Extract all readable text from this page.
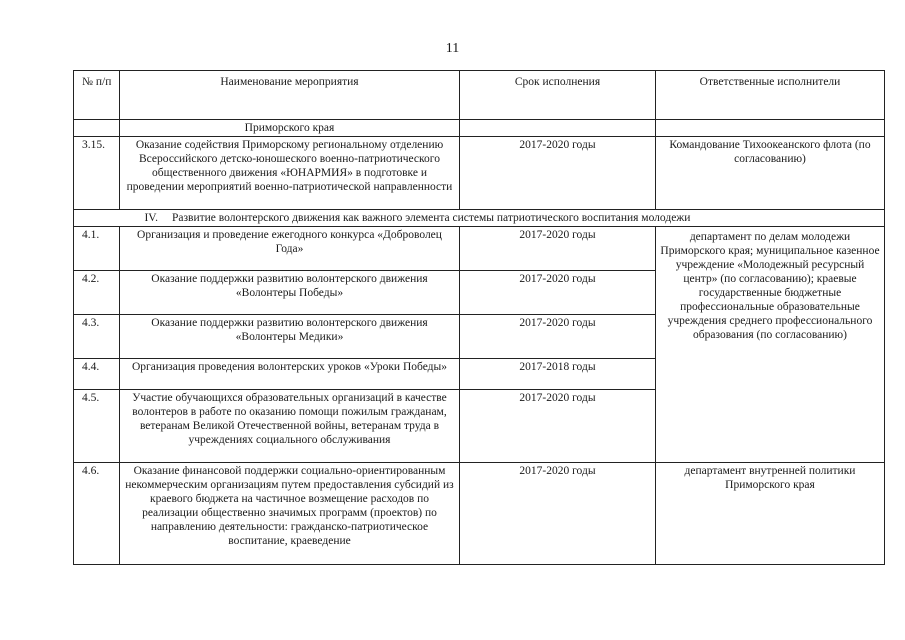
11
№ п/п	Наименование мероприятия	Срок исполнения	Ответственные исполнители
	Приморского края		
3.15.	Оказание содействия Приморскому региональному отделению Всероссийского детско-юношеского военно-патриотического общественного движения «ЮНАРМИЯ» в подготовке и проведении мероприятий военно-патриотической направленности	2017-2020 годы	Командование Тихоокеанского флота (по согласованию)
IV. Развитие волонтерского движения как важного элемента системы патриотического воспитания молодежи			
4.1.	Организация и проведение ежегодного конкурса «Доброволец Года»	2017-2020 годы	департамент по делам молодежи Приморского края; муниципальное казенное учреждение «Молодежный ресурсный центр» (по согласованию); краевые государственные бюджетные профессиональные образовательные учреждения среднего профессионального образования (по согласованию)

4.2.	Оказание поддержки развитию волонтерского движения «Волонтеры Победы»	2017-2020 годы	
4.3.	Оказание поддержки развитию волонтерского движения «Волонтеры Медики»	2017-2020 годы	
4.4.	Организация проведения волонтерских уроков «Уроки Победы»	2017-2018 годы	
4.5.	Участие обучающихся образовательных организаций в качестве волонтеров в работе по оказанию помощи пожилым гражданам, ветеранам Великой Отечественной войны, ветеранам труда в учреждениях социального обслуживания	2017-2020 годы	
4.6.	Оказание финансовой поддержки социально-ориентированным некоммерческим организациям путем предоставления субсидий из краевого бюджета на частичное возмещение расходов по реализации общественно значимых программ (проектов) по направлению деятельности: гражданско-патриотическое воспитание, краеведение	2017-2020 годы	департамент внутренней политики Приморского края
